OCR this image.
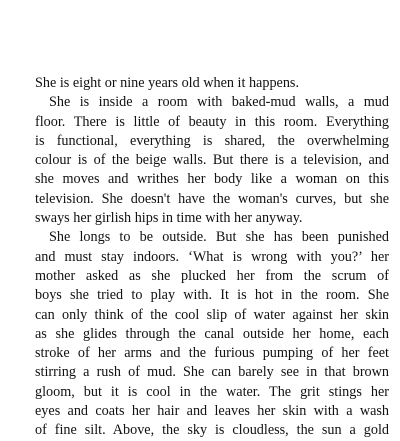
She is eight or nine years old when it happens.
She is inside a room with baked-mud walls, a mud
floor. There is little of beauty in this room. Everything
is functional, everything is shared, the overwhelming
colour is of the beige walls. But there is a television, and
she moves and writhes her body like a woman on this
television. She doesn't have the woman's curves, but she
sways her girlish hips in time with her anyway.
She longs to be outside. But she has been punished
and must stay indoors. ‘What is wrong with you?’ her
mother asked as she plucked her from the scrum of
boys she tried to play with. It is hot in the room. She
can only think of the cool slip of water against her skin
as she glides through the canal outside her home, each
stroke of her arms and the furious pumping of her feet
stirring a rush of mud. She can barely see in that brown
gloom, but it is cool in the water. The grit stings her
eyes and coats her hair and leaves her skin with a wash
of fine silt. Above, the sky is cloudless, the sun a gold
